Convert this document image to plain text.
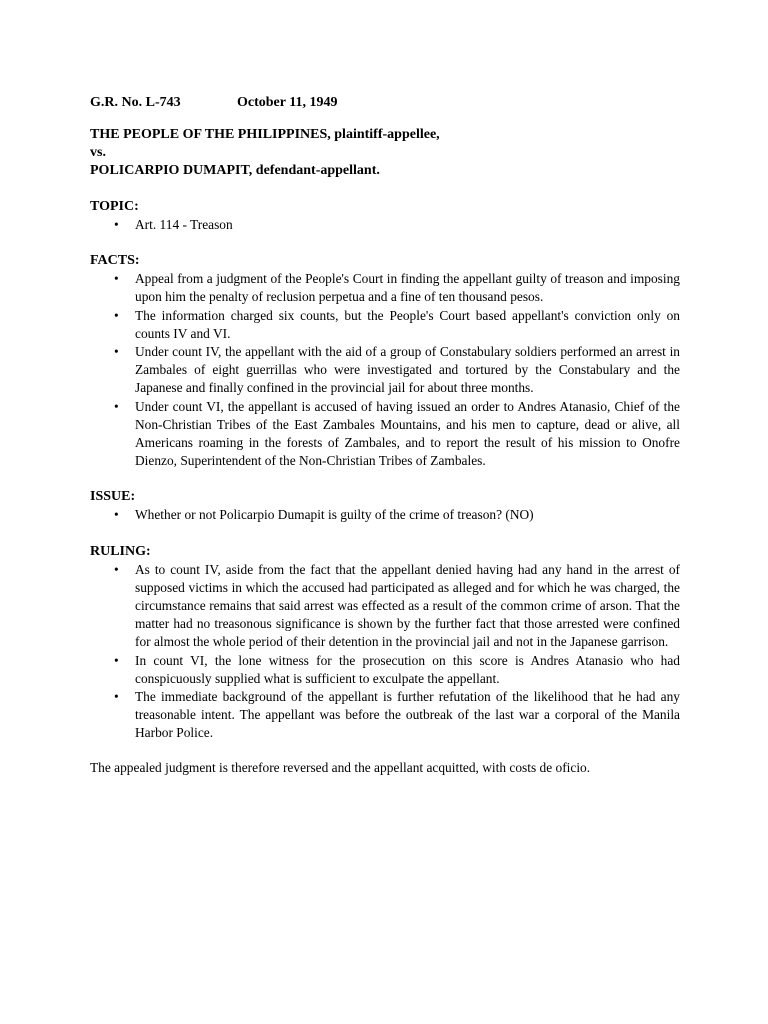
G.R. No. L-743	October 11, 1949

THE PEOPLE OF THE PHILIPPINES, plaintiff-appellee,

vs.

POLICARPIO DUMAPIT, defendant-appellant.

TOPIC:

• Art. 114 - Treason

FACTS:

• Appeal from a judgment of the People's Court in finding the appellant guilty of treason and imposing upon him the penalty of reclusion perpetua and a fine of ten thousand pesos.
• The information charged six counts, but the People's Court based appellant's conviction only on counts IV and VI.
• Under count IV, the appellant with the aid of a group of Constabulary soldiers performed an arrest in Zambales of eight guerrillas who were investigated and tortured by the Constabulary and the Japanese and finally confined in the provincial jail for about three months.
• Under count VI, the appellant is accused of having issued an order to Andres Atanasio, Chief of the Non-Christian Tribes of the East Zambales Mountains, and his men to capture, dead or alive, all Americans roaming in the forests of Zambales, and to report the result of his mission to Onofre Dienzo, Superintendent of the Non-Christian Tribes of Zambales.

ISSUE:

• Whether or not Policarpio Dumapit is guilty of the crime of treason? (NO)

RULING:

• As to count IV, aside from the fact that the appellant denied having had any hand in the arrest of supposed victims in which the accused had participated as alleged and for which he was charged, the circumstance remains that said arrest was effected as a result of the common crime of arson. That the matter had no treasonous significance is shown by the further fact that those arrested were confined for almost the whole period of their detention in the provincial jail and not in the Japanese garrison.
• In count VI, the lone witness for the prosecution on this score is Andres Atanasio who had conspicuously supplied what is sufficient to exculpate the appellant.
• The immediate background of the appellant is further refutation of the likelihood that he had any treasonable intent. The appellant was before the outbreak of the last war a corporal of the Manila Harbor Police.

The appealed judgment is therefore reversed and the appellant acquitted, with costs de oficio.
